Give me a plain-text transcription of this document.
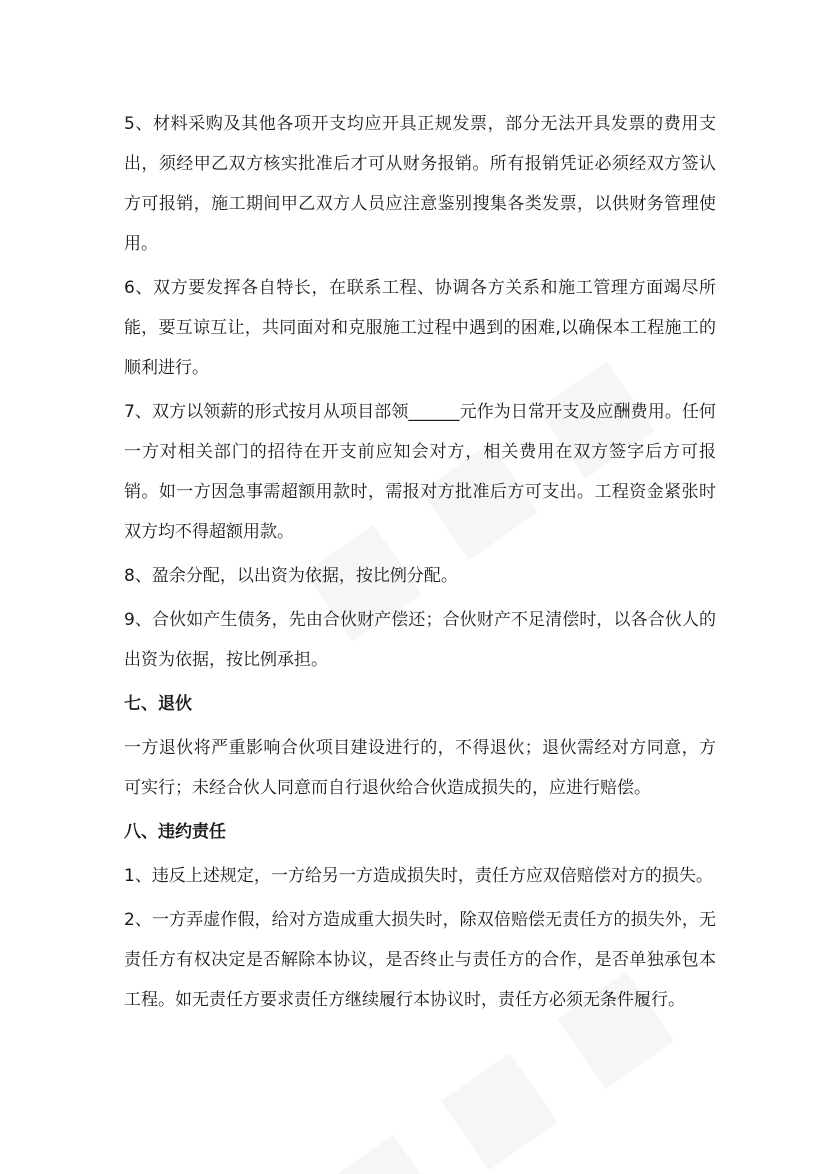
5、材料采购及其他各项开支均应开具正规发票，部分无法开具发票的费用支出，须经甲乙双方核实批准后才可从财务报销。所有报销凭证必须经双方签认方可报销，施工期间甲乙双方人员应注意鉴别搜集各类发票，以供财务管理使用。

6、双方要发挥各自特长，在联系工程、协调各方关系和施工管理方面竭尽所能，要互谅互让，共同面对和克服施工过程中遇到的困难,以确保本工程施工的顺利进行。

7、双方以领薪的形式按月从项目部领______元作为日常开支及应酬费用。任何一方对相关部门的招待在开支前应知会对方，相关费用在双方签字后方可报销。如一方因急事需超额用款时，需报对方批准后方可支出。工程资金紧张时双方均不得超额用款。

8、盈余分配，以出资为依据，按比例分配。

9、合伙如产生债务，先由合伙财产偿还；合伙财产不足清偿时，以各合伙人的出资为依据，按比例承担。

七、退伙

一方退伙将严重影响合伙项目建设进行的，不得退伙；退伙需经对方同意，方可实行；未经合伙人同意而自行退伙给合伙造成损失的，应进行赔偿。

八、违约责任

1、违反上述规定，一方给另一方造成损失时，责任方应双倍赔偿对方的损失。

2、一方弄虚作假，给对方造成重大损失时，除双倍赔偿无责任方的损失外，无责任方有权决定是否解除本协议，是否终止与责任方的合作，是否单独承包本工程。如无责任方要求责任方继续履行本协议时，责任方必须无条件履行。
